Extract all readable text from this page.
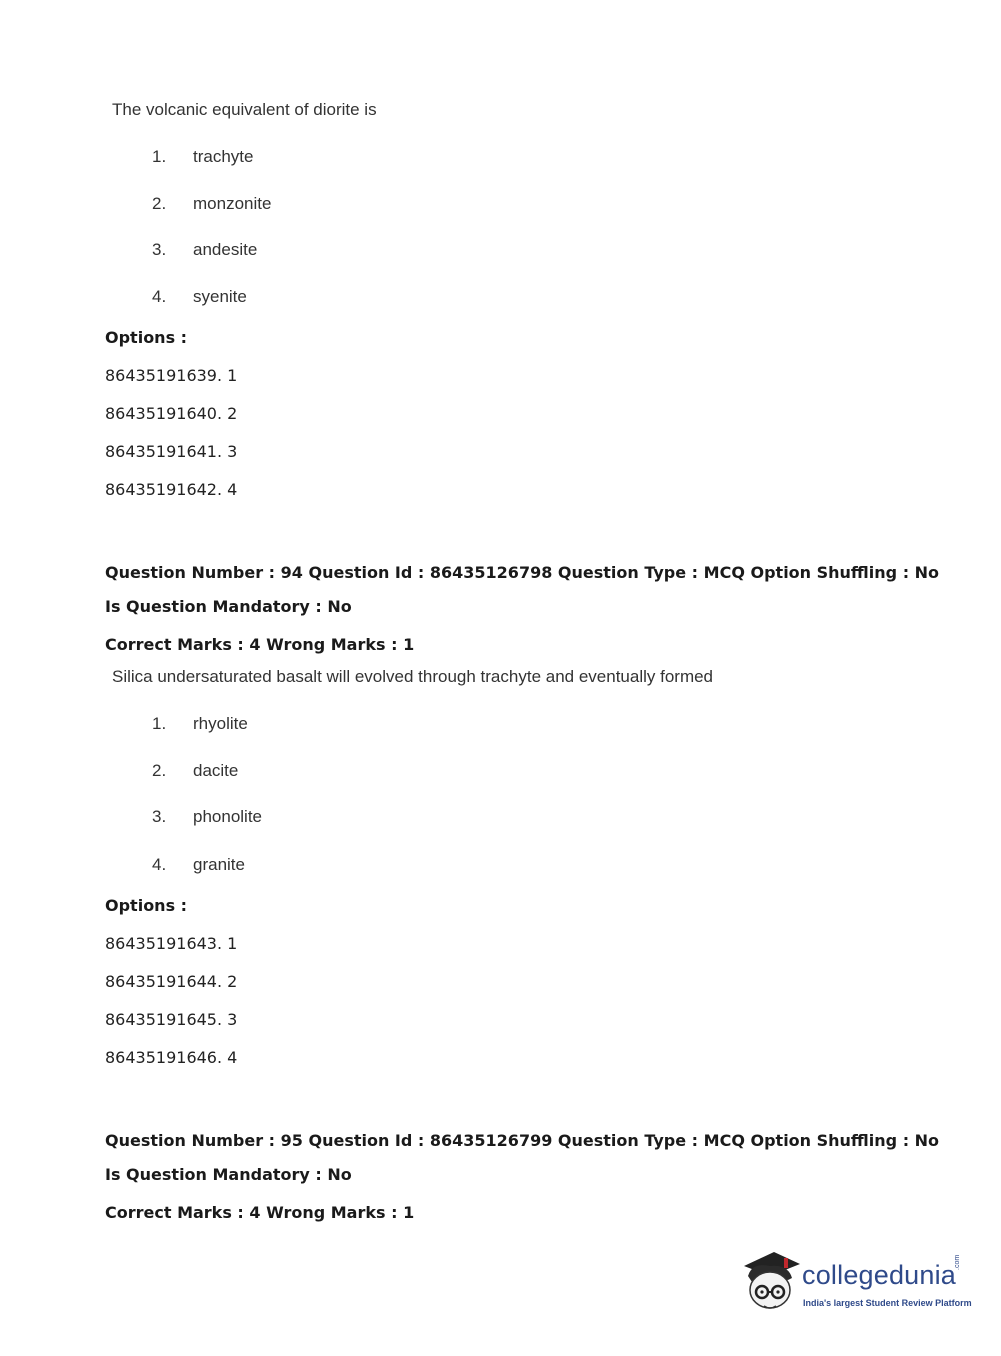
The volcanic equivalent of diorite is
1. trachyte
2. monzonite
3. andesite
4. syenite
Options :
86435191639. 1
86435191640. 2
86435191641. 3
86435191642. 4
Question Number : 94 Question Id : 86435126798 Question Type : MCQ Option Shuffling : No
Is Question Mandatory : No
Correct Marks : 4 Wrong Marks : 1
Silica undersaturated basalt will evolved through trachyte and eventually formed
1. rhyolite
2. dacite
3. phonolite
4. granite
Options :
86435191643. 1
86435191644. 2
86435191645. 3
86435191646. 4
Question Number : 95 Question Id : 86435126799 Question Type : MCQ Option Shuffling : No
Is Question Mandatory : No
Correct Marks : 4 Wrong Marks : 1
collegedunia
.com
India's largest Student Review Platform
